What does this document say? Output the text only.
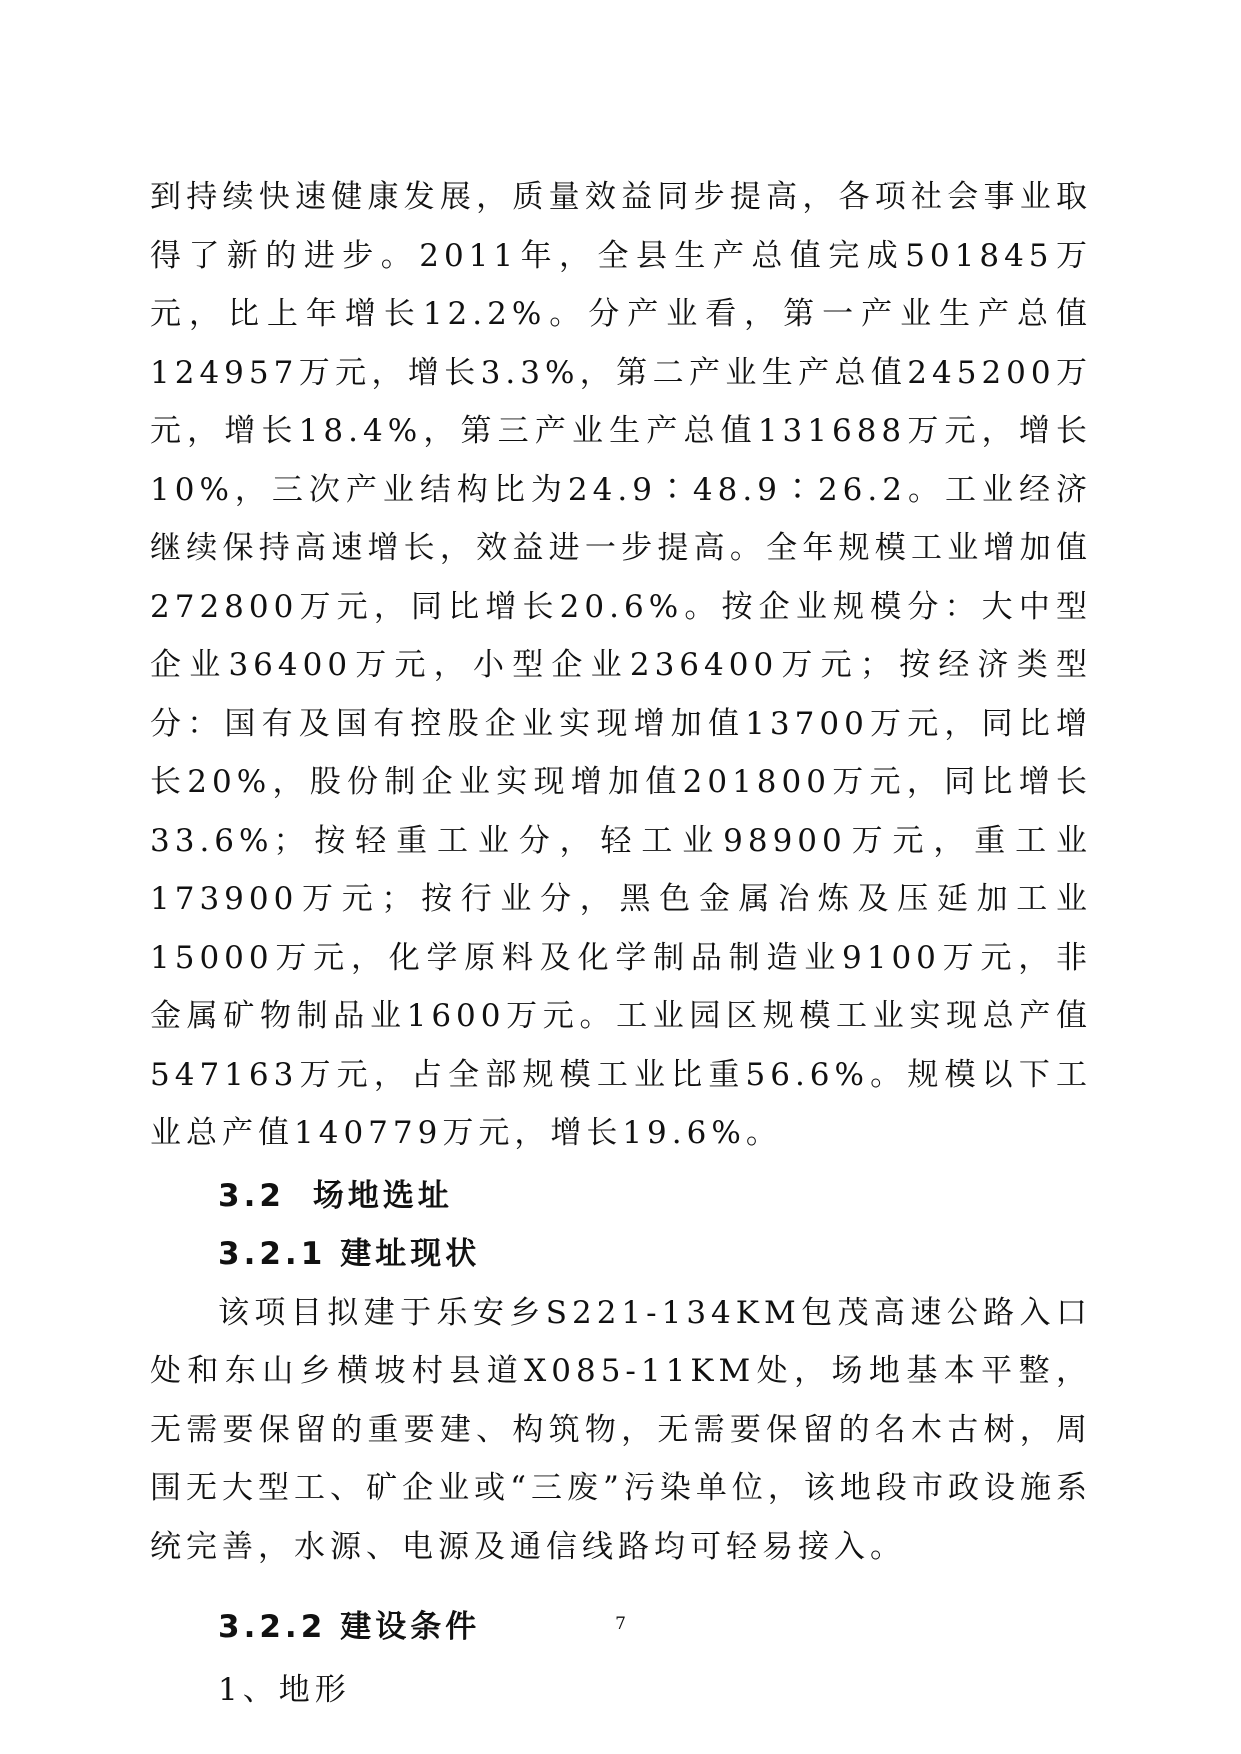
到持续快速健康发展，质量效益同步提高，各项社会事业取得了新的进步。2011年，全县生产总值完成501845万元，比上年增长12.2%。分产业看，第一产业生产总值124957万元，增长3.3%，第二产业生产总值245200万元，增长18.4%，第三产业生产总值131688万元，增长10%，三次产业结构比为24.9∶48.9∶26.2。工业经济继续保持高速增长，效益进一步提高。全年规模工业增加值272800万元，同比增长20.6%。按企业规模分：大中型企业36400万元，小型企业236400万元；按经济类型分：国有及国有控股企业实现增加值13700万元，同比增长20%，股份制企业实现增加值201800万元，同比增长33.6%；按轻重工业分，轻工业98900万元，重工业173900万元；按行业分，黑色金属冶炼及压延加工业15000万元，化学原料及化学制品制造业9100万元，非金属矿物制品业1600万元。工业园区规模工业实现总产值547163万元，占全部规模工业比重56.6%。规模以下工业总产值140779万元，增长19.6%。

3.2 场地选址
3.2.1 建址现状

该项目拟建于乐安乡S221-134KM包茂高速公路入口处和东山乡横坡村县道X085-11KM处，场地基本平整，无需要保留的重要建、构筑物，无需要保留的名木古树，周围无大型工、矿企业或“三废”污染单位，该地段市政设施系统完善，水源、电源及通信线路均可轻易接入。

3.2.2 建设条件

1、地形

7
